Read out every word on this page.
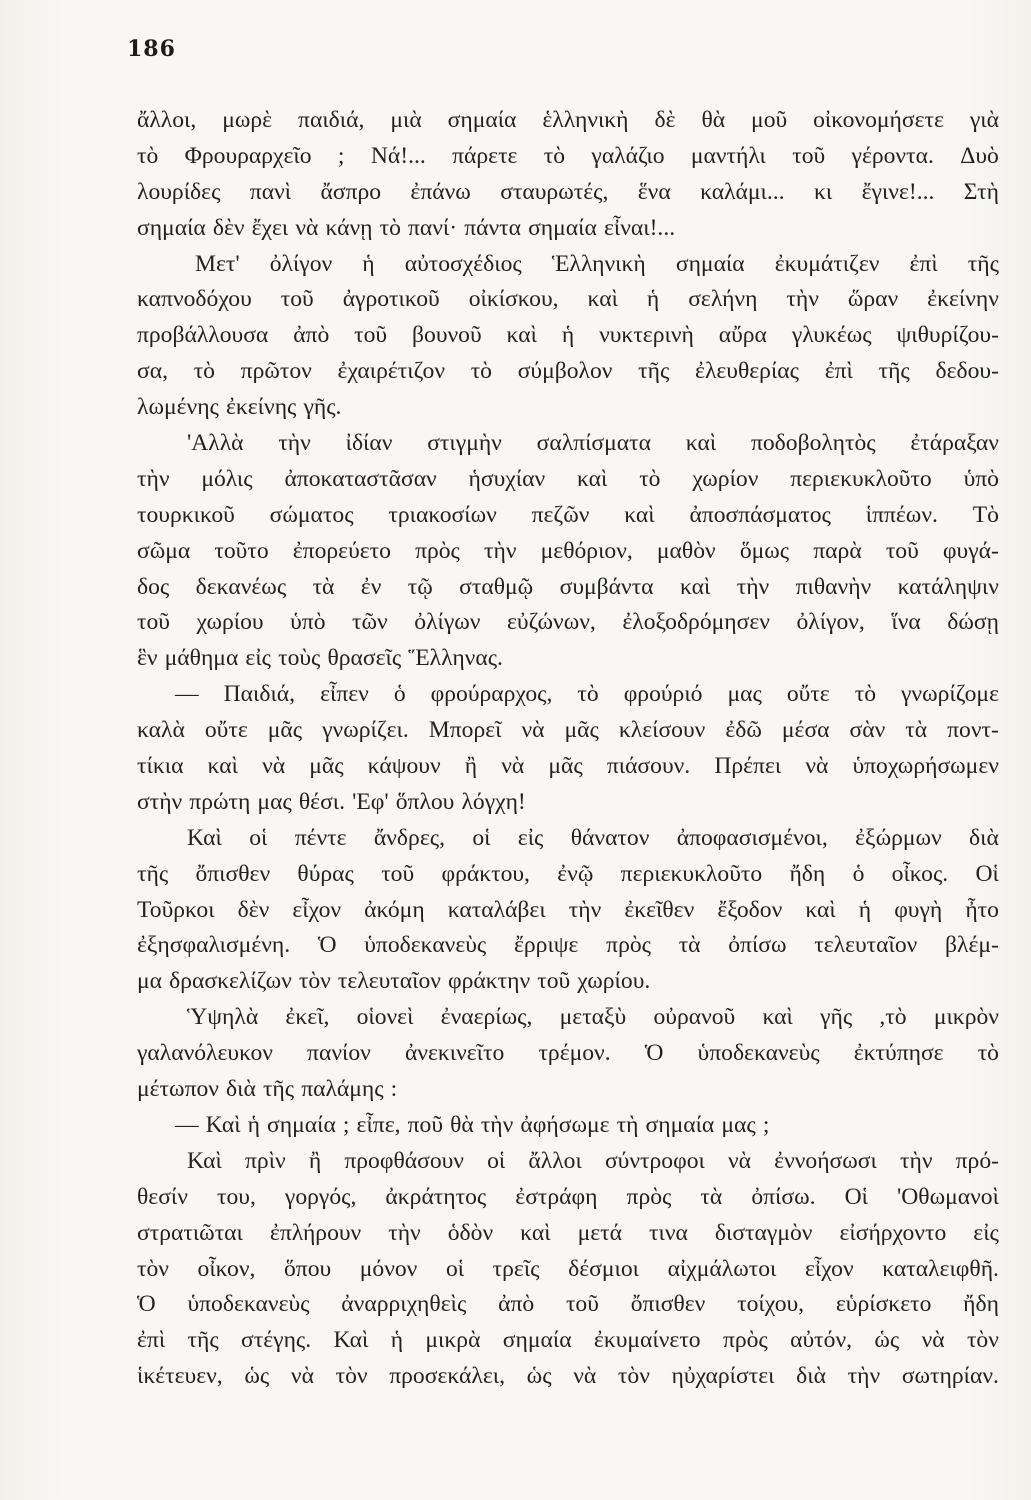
186
ἄλλοι, μωρὲ παιδιά, μιὰ σημαία ἑλληνικὴ δὲ θὰ μοῦ οἰκονομήσετε γιὰ
τὸ Φρουραρχεῖο ; Νά!... πάρετε τὸ γαλάζιο μαντήλι τοῦ γέροντα. Δυὸ
λουρίδες πανὶ ἄσπρο ἐπάνω σταυρωτές, ἕνα καλάμι... κι ἔγινε!... Στὴ
σημαία δὲν ἔχει νὰ κάνῃ τὸ πανί· πάντα σημαία εἶναι!...
Μετ' ὀλίγον ἡ αὐτοσχέδιος Ἑλληνικὴ σημαία ἐκυμάτιζεν ἐπὶ τῆς
καπνοδόχου τοῦ ἀγροτικοῦ οἰκίσκου, καὶ ἡ σελήνη τὴν ὥραν ἐκείνην
προβάλλουσα ἀπὸ τοῦ βουνοῦ καὶ ἡ νυκτερινὴ αὔρα γλυκέως ψιθυρίζου-
σα, τὸ πρῶτον ἐχαιρέτιζον τὸ σύμβολον τῆς ἐλευθερίας ἐπὶ τῆς δεδου-
λωμένης ἐκείνης γῆς.
'Αλλὰ τὴν ἰδίαν στιγμὴν σαλπίσματα καὶ ποδοβολητὸς ἐτάραξαν
τὴν μόλις ἀποκαταστᾶσαν ἡσυχίαν καὶ τὸ χωρίον περιεκυκλοῦτο ὑπὸ
τουρκικοῦ σώματος τριακοσίων πεζῶν καὶ ἀποσπάσματος ἱππέων. Τὸ
σῶμα τοῦτο ἐπορεύετο πρὸς τὴν μεθόριον, μαθὸν ὅμως παρὰ τοῦ φυγά-
δος δεκανέως τὰ ἐν τῷ σταθμῷ συμβάντα καὶ τὴν πιθανὴν κατάληψιν
τοῦ χωρίου ὑπὸ τῶν ὀλίγων εὐζώνων, ἐλοξοδρόμησεν ὀλίγον, ἵνα δώσῃ
ἓν μάθημα εἰς τοὺς θρασεῖς Ἕλληνας.
— Παιδιά, εἶπεν ὁ φρούραρχος, τὸ φρούριό μας οὔτε τὸ γνωρίζομε
καλὰ οὔτε μᾶς γνωρίζει. Μπορεῖ νὰ μᾶς κλείσουν ἐδῶ μέσα σὰν τὰ ποντ-
τίκια καὶ νὰ μᾶς κάψουν ἢ νὰ μᾶς πιάσουν. Πρέπει νὰ ὑποχωρήσωμεν
στὴν πρώτη μας θέσι. 'Εφ' ὅπλου λόγχη!
Καὶ οἱ πέντε ἄνδρες, οἱ εἰς θάνατον ἀποφασισμένοι, ἐξώρμων διὰ
τῆς ὄπισθεν θύρας τοῦ φράκτου, ἐνῷ περιεκυκλοῦτο ἤδη ὁ οἶκος. Οἱ
Τοῦρκοι δὲν εἶχον ἀκόμη καταλάβει τὴν ἐκεῖθεν ἔξοδον καὶ ἡ φυγὴ ἦτο
ἐξησφαλισμένη. Ὁ ὑποδεκανεὺς ἔρριψε πρὸς τὰ ὀπίσω τελευταῖον βλέμ-
μα δρασκελίζων τὸν τελευταῖον φράκτην τοῦ χωρίου.
Ὑψηλὰ ἐκεῖ, οἱονεὶ ἐναερίως, μεταξὺ οὐρανοῦ καὶ γῆς ,τὸ μικρὸν
γαλανόλευκον πανίον ἀνεκινεῖτο τρέμον. Ὁ ὑποδεκανεὺς ἐκτύπησε τὸ
μέτωπον διὰ τῆς παλάμης :
— Καὶ ἡ σημαία ; εἶπε, ποῦ θὰ τὴν ἀφήσωμε τὴ σημαία μας ;
Καὶ πρὶν ἢ προφθάσουν οἱ ἄλλοι σύντροφοι νὰ ἐννοήσωσι τὴν πρό-
θεσίν του, γοργός, ἀκράτητος ἐστράφη πρὸς τὰ ὀπίσω. Οἱ 'Οθωμανοὶ
στρατιῶται ἐπλήρουν τὴν ὁδὸν καὶ μετά τινα δισταγμὸν εἰσήρχοντο εἰς
τὸν οἶκον, ὅπου μόνον οἱ τρεῖς δέσμιοι αἰχμάλωτοι εἶχον καταλειφθῆ.
Ὁ ὑποδεκανεὺς ἀναρριχηθεὶς ἀπὸ τοῦ ὄπισθεν τοίχου, εὑρίσκετο ἤδη
ἐπὶ τῆς στέγης. Καὶ ἡ μικρὰ σημαία ἐκυμαίνετο πρὸς αὐτόν, ὡς νὰ τὸν
ἱκέτευεν, ὡς νὰ τὸν προσεκάλει, ὡς νὰ τὸν ηὐχαρίστει διὰ τὴν σωτηρίαν.
